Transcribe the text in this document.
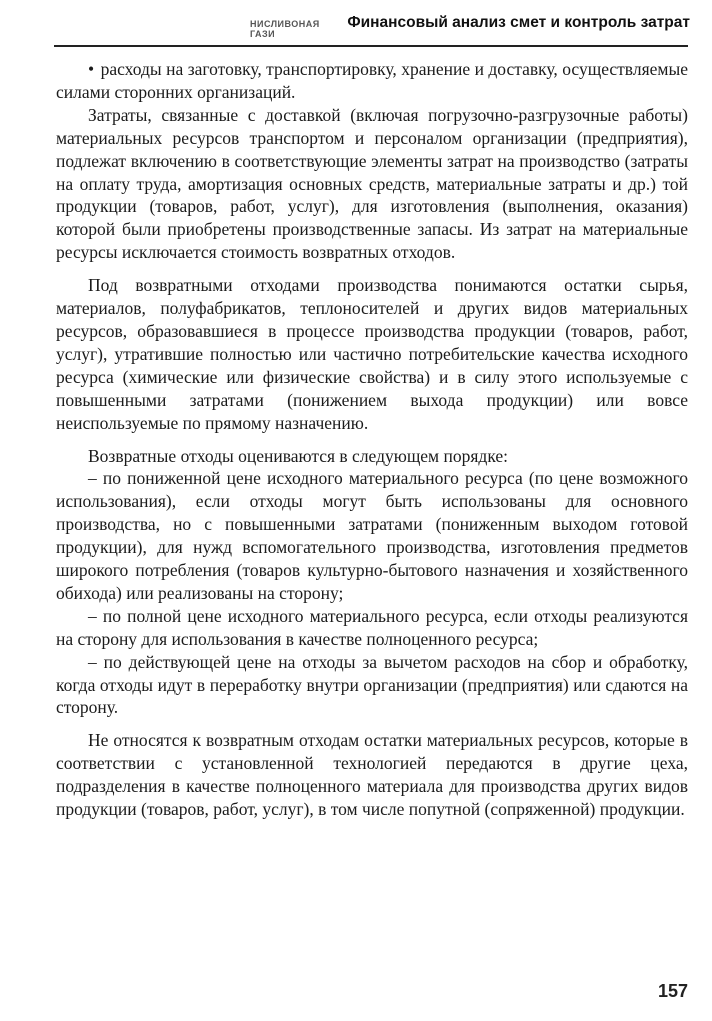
НИСЛИВОНАЯ ГАЗИ
Финансовый анализ смет и контроль затрат

• расходы на заготовку, транспортировку, хранение и доставку, осуществляемые силами сторонних организаций.

Затраты, связанные с доставкой (включая погрузочно-разгрузочные работы) материальных ресурсов транспортом и персоналом организации (предприятия), подлежат включению в соответствующие элементы затрат на производство (затраты на оплату труда, амортизация основных средств, материальные затраты и др.) той продукции (товаров, работ, услуг), для изготовления (выполнения, оказания) которой были приобретены производственные запасы. Из затрат на материальные ресурсы исключается стоимость возвратных отходов.

Под возвратными отходами производства понимаются остатки сырья, материалов, полуфабрикатов, теплоносителей и других видов материальных ресурсов, образовавшиеся в процессе производства продукции (товаров, работ, услуг), утратившие полностью или частично потребительские качества исходного ресурса (химические или физические свойства) и в силу этого используемые с повышенными затратами (понижением выхода продукции) или вовсе неиспользуемые по прямому назначению.

Возвратные отходы оцениваются в следующем порядке:

– по пониженной цене исходного материального ресурса (по цене возможного использования), если отходы могут быть использованы для основного производства, но с повышенными затратами (пониженным выходом готовой продукции), для нужд вспомогательного производства, изготовления предметов широкого потребления (товаров культурно-бытового назначения и хозяйственного обихода) или реализованы на сторону;

– по полной цене исходного материального ресурса, если отходы реализуются на сторону для использования в качестве полноценного ресурса;

– по действующей цене на отходы за вычетом расходов на сбор и обработку, когда отходы идут в переработку внутри организации (предприятия) или сдаются на сторону.

Не относятся к возвратным отходам остатки материальных ресурсов, которые в соответствии с установленной технологией передаются в другие цеха, подразделения в качестве полноценного материала для производства других видов продукции (товаров, работ, услуг), в том числе попутной (сопряженной) продукции.

157
